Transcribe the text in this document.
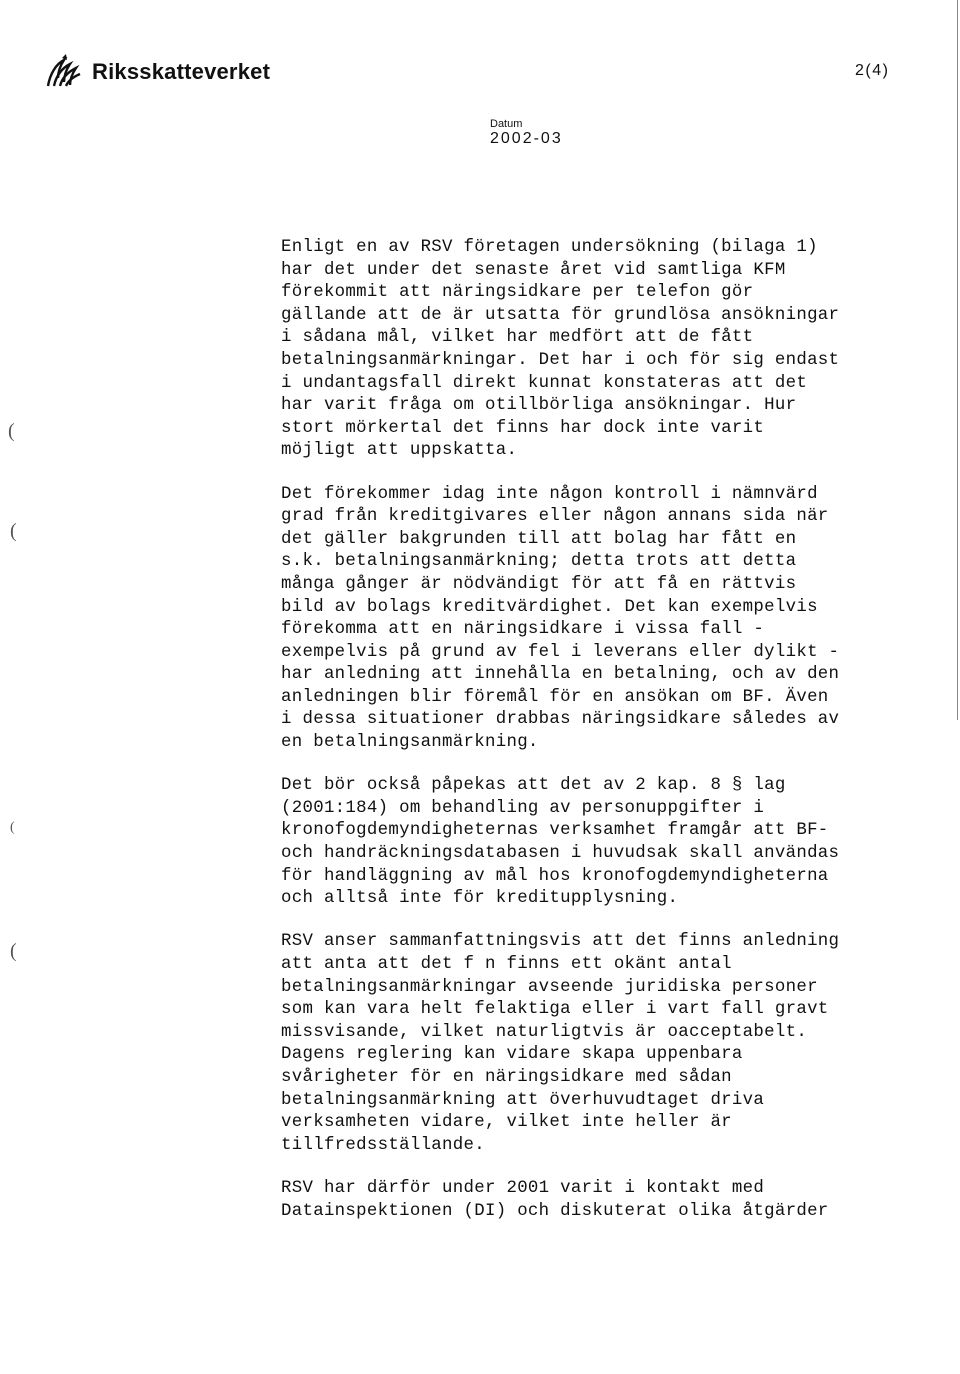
Riksskatteverket	2(4)
Datum
2002-03
(
(
(
(
Enligt en av RSV företagen undersökning (bilaga 1)
har det under det senaste året vid samtliga KFM
förekommit att näringsidkare per telefon gör
gällande att de är utsatta för grundlösa ansökningar
i sådana mål, vilket har medfört att de fått
betalningsanmärkningar. Det har i och för sig endast
i undantagsfall direkt kunnat konstateras att det
har varit fråga om otillbörliga ansökningar. Hur
stort mörkertal det finns har dock inte varit
möjligt att uppskatta.
Det förekommer idag inte någon kontroll i nämnvärd
grad från kreditgivares eller någon annans sida när
det gäller bakgrunden till att bolag har fått en
s.k. betalningsanmärkning; detta trots att detta
många gånger är nödvändigt för att få en rättvis
bild av bolags kreditvärdighet. Det kan exempelvis
förekomma att en näringsidkare i vissa fall -
exempelvis på grund av fel i leverans eller dylikt -
har anledning att innehålla en betalning, och av den
anledningen blir föremål för en ansökan om BF. Även
i dessa situationer drabbas näringsidkare således av
en betalningsanmärkning.
Det bör också påpekas att det av 2 kap. 8 § lag
(2001:184) om behandling av personuppgifter i
kronofogdemyndigheternas verksamhet framgår att BF-
och handräckningsdatabasen i huvudsak skall användas
för handläggning av mål hos kronofogdemyndigheterna
och alltså inte för kreditupplysning.
RSV anser sammanfattningsvis att det finns anledning
att anta att det f n finns ett okänt antal
betalningsanmärkningar avseende juridiska personer
som kan vara helt felaktiga eller i vart fall gravt
missvisande, vilket naturligtvis är oacceptabelt.
Dagens reglering kan vidare skapa uppenbara
svårigheter för en näringsidkare med sådan
betalningsanmärkning att överhuvudtaget driva
verksamheten vidare, vilket inte heller är
tillfredsställande.
RSV har därför under 2001 varit i kontakt med
Datainspektionen (DI) och diskuterat olika åtgärder
